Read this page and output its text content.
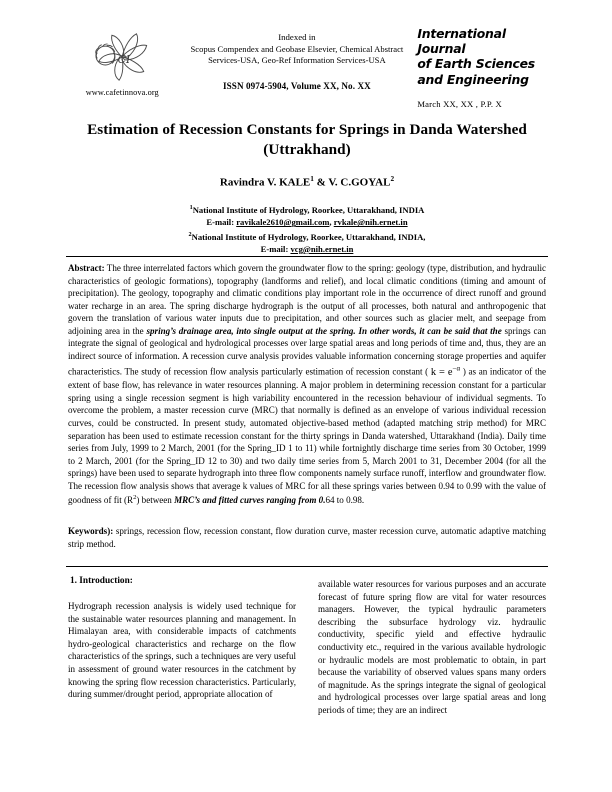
CI
www.cafetinnova.org
Indexed in
Scopus Compendex and Geobase Elsevier, Chemical Abstract
Services-USA, Geo-Ref Information Services-USA
ISSN 0974-5904, Volume XX, No. XX
International Journal
of Earth Sciences
and Engineering
March XX, XX , P.P. X
Estimation of Recession Constants for Springs in Danda Watershed
(Uttrakhand)
Ravindra V. KALE$^1$ & V. C.GOYAL$^2$
$^1$National Institute of Hydrology, Roorkee, Uttarakhand, INDIA
E-mail: ravikale2610@gmail.com, rvkale@nih.ernet.in
$^2$National Institute of Hydrology, Roorkee, Uttarakhand, INDIA,
E-mail: vcg@nih.ernet.in
Abstract: The three interrelated factors which govern the groundwater flow to the spring: geology (type, distribution, and hydraulic characteristics of geologic formations), topography (landforms and relief), and local climatic conditions (timing and amount of precipitation). The geology, topography and climatic conditions play important role in the occurrence of direct runoff and ground water recharge in an area. The spring discharge hydrograph is the output of all processes, both natural and anthropogenic that govern the translation of various water inputs due to precipitation, and other sources such as glacier melt, and seepage from adjoining area in the spring’s drainage area, into single output at the spring. In other words, it can be said that the springs can integrate the signal of geological and hydrological processes over large spatial areas and long periods of time and, thus, they are an indirect source of information. A recession curve analysis provides valuable information concerning storage properties and aquifer characteristics. The study of recession flow analysis particularly estimation of recession constant ( $k = e^{-\alpha}$ ) as an indicator of the extent of base flow, has relevance in water resources planning. A major problem in determining recession constant for a particular spring using a single recession segment is high variability encountered in the recession behaviour of individual segments. To overcome the problem, a master recession curve (MRC) that normally is defined as an envelope of various individual recession curves, could be constructed. In present study, automated objective-based method (adapted matching strip method) for MRC separation has been used to estimate recession constant for the thirty springs in Danda watershed, Uttarakhand (India). Daily time series from July, 1999 to 2 March, 2001 (for the Spring_ID 1 to 11) while fortnightly discharge time series from 30 October, 1999 to 2 March, 2001 (for the Spring_ID 12 to 30) and two daily time series from 5, March 2001 to 31, December 2004 (for all the springs) have been used to separate hydrograph into three flow components namely surface runoff, interflow and groundwater flow. The recession flow analysis shows that average k values of MRC for all these springs varies between 0.94 to 0.99 with the value of goodness of fit $(R^2)$ between MRC’s and fitted curves ranging from 0.64 to 0.98.
Keywords): springs, recession flow, recession constant, flow duration curve, master recession curve, automatic adaptive matching strip method.
1. Introduction:
Hydrograph recession analysis is widely used technique for the sustainable water resources planning and management. In Himalayan area, with considerable impacts of catchments hydro-geological characteristics and recharge on the flow characteristics of the springs, such a techniques are very useful in assessment of ground water resources in the catchment by knowing the spring flow recession characteristics. Particularly, during summer/drought period, appropriate allocation of
available water resources for various purposes and an accurate forecast of future spring flow are vital for water resources managers. However, the typical hydraulic parameters describing the subsurface hydrology viz. hydraulic conductivity, specific yield and effective hydraulic conductivity etc., required in the various available hydrologic or hydraulic models are most problematic to obtain, in part because the variability of observed values spans many orders of magnitude. As the springs integrate the signal of geological and hydrological processes over large spatial areas and long periods of time; they are an indirect
